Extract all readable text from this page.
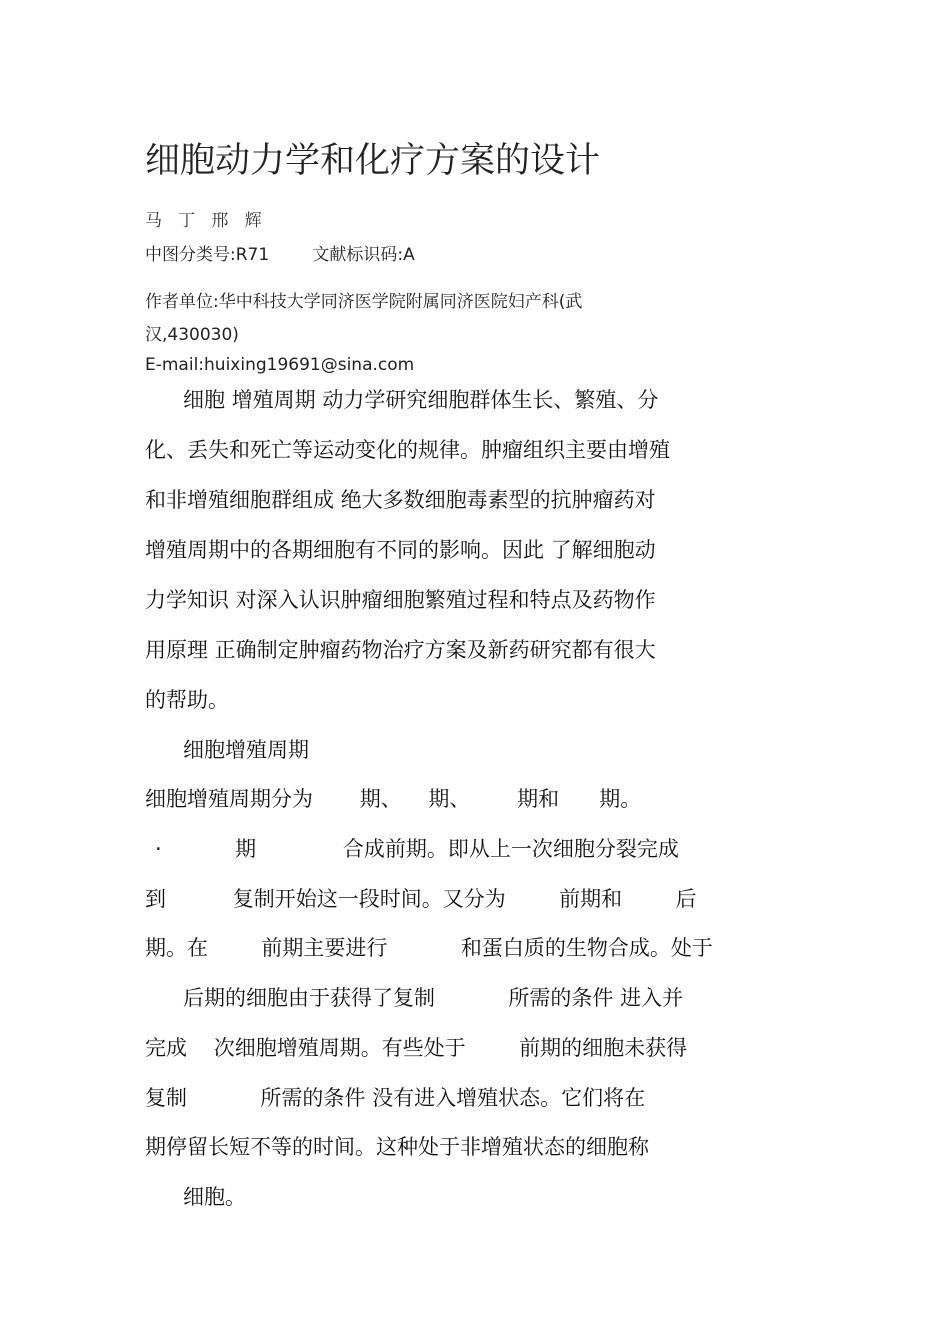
细胞动力学和化疗方案的设计
马   丁   邢   辉
中图分类号:R71        文献标识码:A
作者单位:华中科技大学同济医学院附属同济医院妇产科(武
汉,430030)
E-mail:huixing19691@sina.com
细胞 增殖周期 动力学研究细胞群体生长、繁殖、分
化、丢失和死亡等运动变化的规律。肿瘤组织主要由增殖
和非增殖细胞群组成 绝大多数细胞毒素型的抗肿瘤药对
增殖周期中的各期细胞有不同的影响。因此 了解细胞动
力学知识 对深入认识肿瘤细胞繁殖过程和特点及药物作
用原理 正确制定肿瘤药物治疗方案及新药研究都有很大
的帮助。
细胞增殖周期
细胞增殖周期分为       期、    期、       期和      期。
·           期             合成前期。即从上一次细胞分裂完成
到          复制开始这一段时间。又分为        前期和        后
期。在        前期主要进行           和蛋白质的生物合成。处于
后期的细胞由于获得了复制           所需的条件 进入并
完成    次细胞增殖周期。有些处于        前期的细胞未获得
复制           所需的条件 没有进入增殖状态。它们将在
期停留长短不等的时间。这种处于非增殖状态的细胞称
细胞。
